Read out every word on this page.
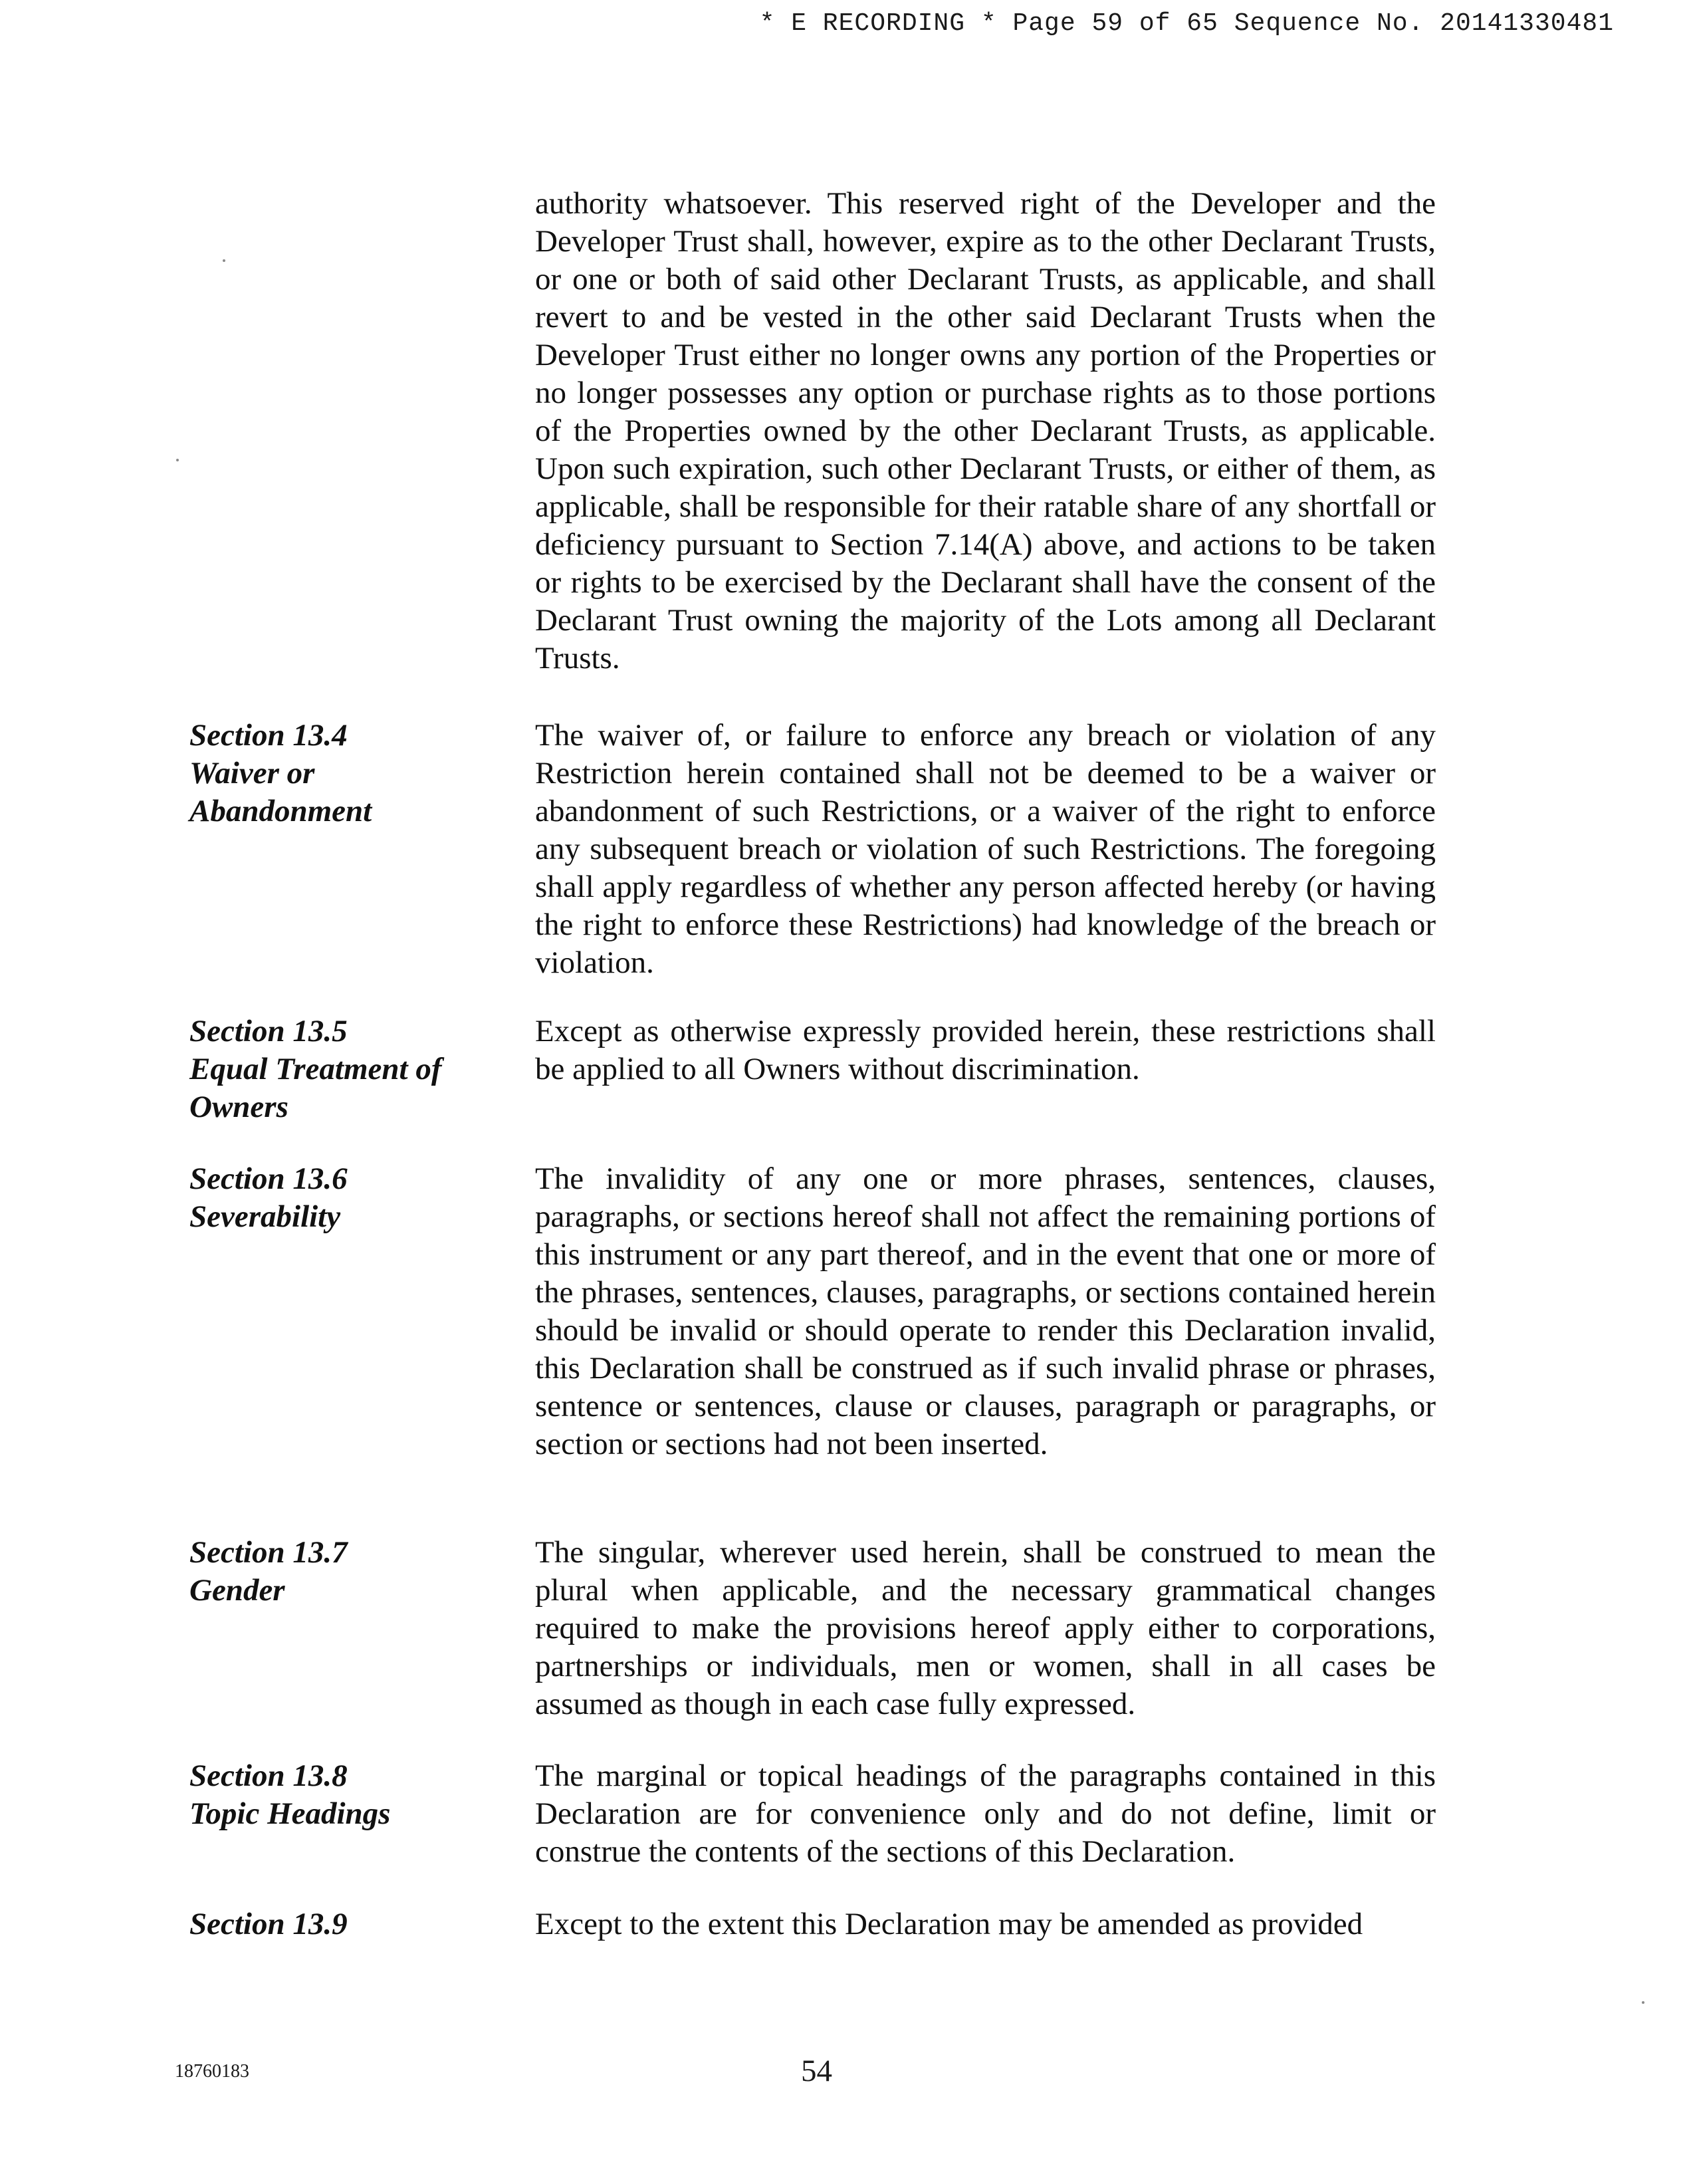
* E RECORDING * Page 59 of 65 Sequence No. 20141330481
authority whatsoever. This reserved right of the Developer and the Developer Trust shall, however, expire as to the other Declarant Trusts, or one or both of said other Declarant Trusts, as applicable, and shall revert to and be vested in the other said Declarant Trusts when the Developer Trust either no longer owns any portion of the Properties or no longer possesses any option or purchase rights as to those portions of the Properties owned by the other Declarant Trusts, as applicable. Upon such expiration, such other Declarant Trusts, or either of them, as applicable, shall be responsible for their ratable share of any shortfall or deficiency pursuant to Section 7.14(A) above, and actions to be taken or rights to be exercised by the Declarant shall have the consent of the Declarant Trust owning the majority of the Lots among all Declarant Trusts.
Section 13.4
Waiver or
Abandonment
The waiver of, or failure to enforce any breach or violation of any Restriction herein contained shall not be deemed to be a waiver or abandonment of such Restrictions, or a waiver of the right to enforce any subsequent breach or violation of such Restrictions. The foregoing shall apply regardless of whether any person affected hereby (or having the right to enforce these Restrictions) had knowledge of the breach or violation.
Section 13.5
Equal Treatment of
Owners
Except as otherwise expressly provided herein, these restrictions shall be applied to all Owners without discrimination.
Section 13.6
Severability
The invalidity of any one or more phrases, sentences, clauses, paragraphs, or sections hereof shall not affect the remaining portions of this instrument or any part thereof, and in the event that one or more of the phrases, sentences, clauses, paragraphs, or sections contained herein should be invalid or should operate to render this Declaration invalid, this Declaration shall be construed as if such invalid phrase or phrases, sentence or sentences, clause or clauses, paragraph or paragraphs, or section or sections had not been inserted.
Section 13.7
Gender
The singular, wherever used herein, shall be construed to mean the plural when applicable, and the necessary grammatical changes required to make the provisions hereof apply either to corporations, partnerships or individuals, men or women, shall in all cases be assumed as though in each case fully expressed.
Section 13.8
Topic Headings
The marginal or topical headings of the paragraphs contained in this Declaration are for convenience only and do not define, limit or construe the contents of the sections of this Declaration.
Section 13.9	Except to the extent this Declaration may be amended as provided
18760183	54
